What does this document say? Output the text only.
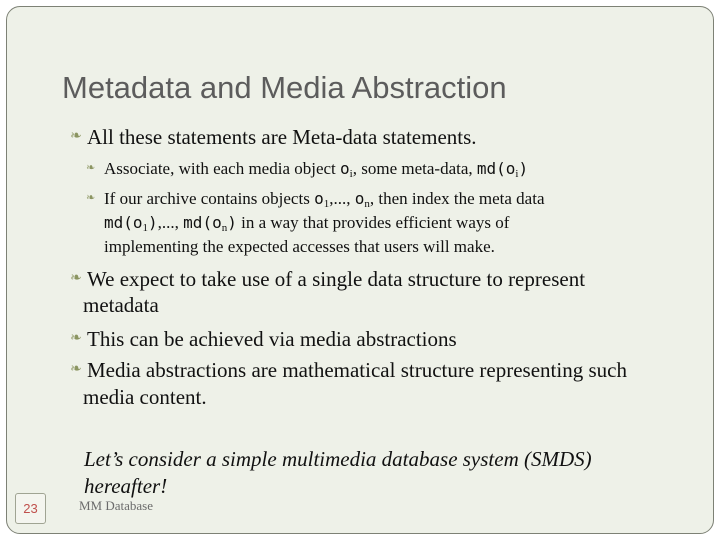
Metadata and Media Abstraction
❧ All these statements are Meta-data statements.
❧ Associate, with each media object $o_i$, some meta-data, $md(o_i)$
❧ If our archive contains objects $o_1$,..., $o_n$, then index the meta data
$md(o_1)$,..., $md(o_n)$ in a way that provides efficient ways of
implementing the expected accesses that users will make.
❧ We expect to take use of a single data structure to represent
metadata
❧ This can be achieved via media abstractions
❧ Media abstractions are mathematical structure representing such
media content.
Let’s consider a simple multimedia database system (SMDS)
hereafter!
23	MM Database
